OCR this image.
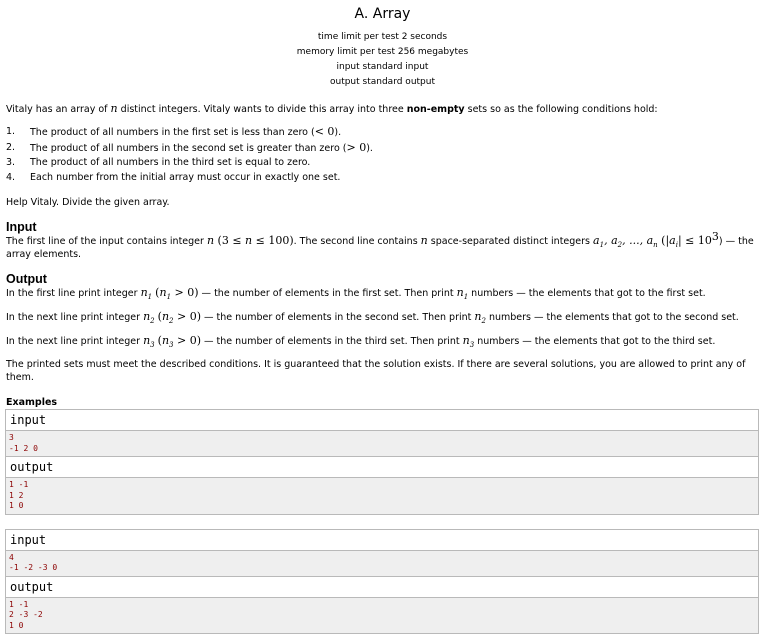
A. Array
time limit per test 2 seconds
memory limit per test 256 megabytes
input standard input
output standard output
Vitaly has an array of n distinct integers. Vitaly wants to divide this array into three non-empty sets so as the following conditions hold:
1. The product of all numbers in the first set is less than zero (< 0).
2. The product of all numbers in the second set is greater than zero (> 0).
3. The product of all numbers in the third set is equal to zero.
4. Each number from the initial array must occur in exactly one set.
Help Vitaly. Divide the given array.
Input
The first line of the input contains integer n (3 ≤ n ≤ 100). The second line contains n space-separated distinct integers $a_1$, $a_2$, ..., $a_n$ $(|a_i| \le 10^3)$ — the array elements.
Output
In the first line print integer $n_1$ $(n_1 > 0)$ — the number of elements in the first set. Then print $n_1$ numbers — the elements that got to the first set.
In the next line print integer $n_2$ $(n_2 > 0)$ — the number of elements in the second set. Then print $n_2$ numbers — the elements that got to the second set.
In the next line print integer $n_3$ $(n_3 > 0)$ — the number of elements in the third set. Then print $n_3$ numbers — the elements that got to the third set.
The printed sets must meet the described conditions. It is guaranteed that the solution exists. If there are several solutions, you are allowed to print any of them.
Examples
input
3
-1 2 0
output
1 -1
1 2
1 0
input
4
-1 -2 -3 0
output
1 -1
2 -3 -2
1 0
